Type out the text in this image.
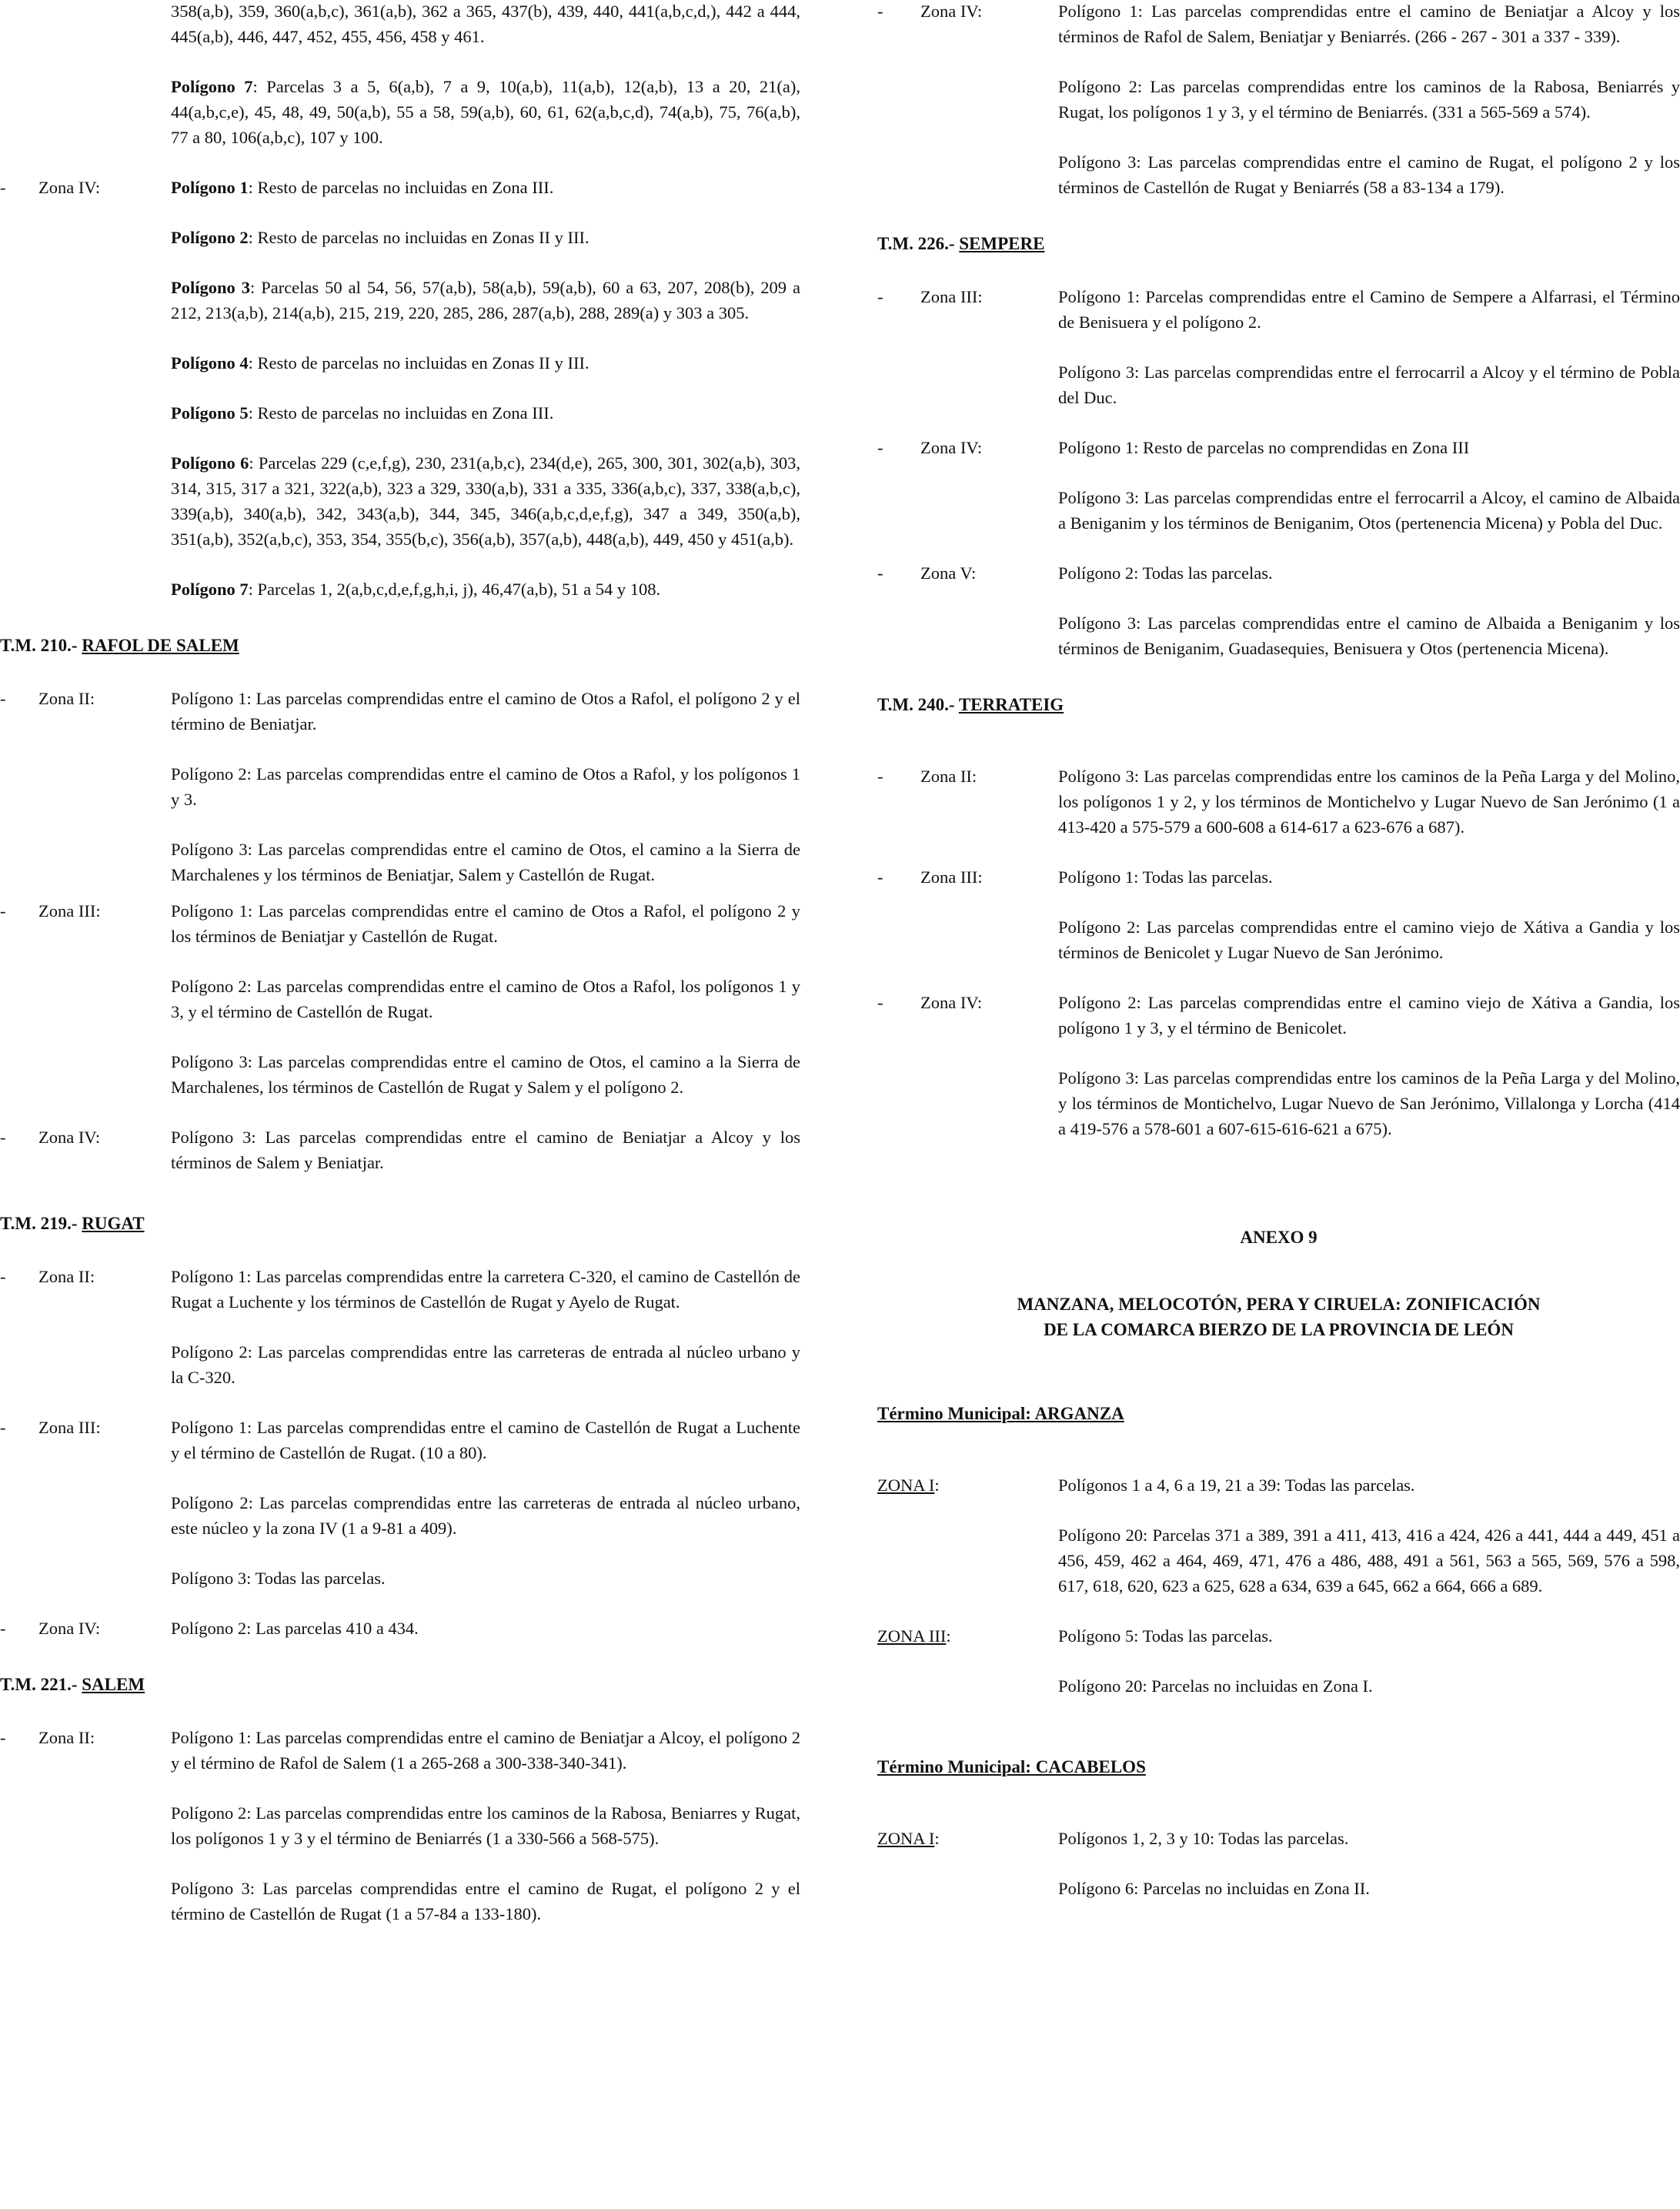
358(a,b), 359, 360(a,b,c), 361(a,b), 362 a 365, 437(b), 439, 440, 441(a,b,c,d,), 442 a 444, 445(a,b), 446, 447, 452, 455, 456, 458 y 461.
Polígono 7: Parcelas 3 a 5, 6(a,b), 7 a 9, 10(a,b), 11(a,b), 12(a,b), 13 a 20, 21(a), 44(a,b,c,e), 45, 48, 49, 50(a,b), 55 a 58, 59(a,b), 60, 61, 62(a,b,c,d), 74(a,b), 75, 76(a,b), 77 a 80, 106(a,b,c), 107 y 100.
- Zona IV:	Polígono 1: Resto de parcelas no incluidas en Zona III.
Polígono 2: Resto de parcelas no incluidas en Zonas II y III.
Polígono 3: Parcelas 50 al 54, 56, 57(a,b), 58(a,b), 59(a,b), 60 a 63, 207, 208(b), 209 a 212, 213(a,b), 214(a,b), 215, 219, 220, 285, 286, 287(a,b), 288, 289(a) y 303 a 305.
Polígono 4: Resto de parcelas no incluidas en Zonas II y III.
Polígono 5: Resto de parcelas no incluidas en Zona III.
Polígono 6: Parcelas 229 (c,e,f,g), 230, 231(a,b,c), 234(d,e), 265, 300, 301, 302(a,b), 303, 314, 315, 317 a 321, 322(a,b), 323 a 329, 330(a,b), 331 a 335, 336(a,b,c), 337, 338(a,b,c), 339(a,b), 340(a,b), 342, 343(a,b), 344, 345, 346(a,b,c,d,e,f,g), 347 a 349, 350(a,b), 351(a,b), 352(a,b,c), 353, 354, 355(b,c), 356(a,b), 357(a,b), 448(a,b), 449, 450 y 451(a,b).
Polígono 7: Parcelas 1, 2(a,b,c,d,e,f,g,h,i, j), 46,47(a,b), 51 a 54 y 108.
T.M. 210.- RAFOL DE SALEM
- Zona II:	Polígono 1: Las parcelas comprendidas entre el camino de Otos a Rafol, el polígono 2 y el término de Beniatjar.
Polígono 2: Las parcelas comprendidas entre el camino de Otos a Rafol, y los polígonos 1 y 3.
Polígono 3: Las parcelas comprendidas entre el camino de Otos, el camino a la Sierra de Marchalenes y los términos de Beniatjar, Salem y Castellón de Rugat.
- Zona III:	Polígono 1: Las parcelas comprendidas entre el camino de Otos a Rafol, el polígono 2 y los términos de Beniatjar y Castellón de Rugat.
Polígono 2: Las parcelas comprendidas entre el camino de Otos a Rafol, los polígonos 1 y 3, y el término de Castellón de Rugat.
Polígono 3: Las parcelas comprendidas entre el camino de Otos, el camino a la Sierra de Marchalenes, los términos de Castellón de Rugat y Salem y el polígono 2.
- Zona IV:	Polígono 3: Las parcelas comprendidas entre el camino de Beniatjar a Alcoy y los términos de Salem y Beniatjar.
T.M. 219.- RUGAT
- Zona II:	Polígono 1: Las parcelas comprendidas entre la carretera C-320, el camino de Castellón de Rugat a Luchente y los términos de Castellón de Rugat y Ayelo de Rugat.
Polígono 2: Las parcelas comprendidas entre las carreteras de entrada al núcleo urbano y la C-320.
- Zona III:	Polígono 1: Las parcelas comprendidas entre el camino de Castellón de Rugat a Luchente y el término de Castellón de Rugat. (10 a 80).
Polígono 2: Las parcelas comprendidas entre las carreteras de entrada al núcleo urbano, este núcleo y la zona IV (1 a 9-81 a 409).
Polígono 3: Todas las parcelas.
- Zona IV:	Polígono 2: Las parcelas 410 a 434.
T.M. 221.- SALEM
- Zona II:	Polígono 1: Las parcelas comprendidas entre el camino de Beniatjar a Alcoy, el polígono 2 y el término de Rafol de Salem (1 a 265-268 a 300-338-340-341).
Polígono 2: Las parcelas comprendidas entre los caminos de la Rabosa, Beniarres y Rugat, los polígonos 1 y 3 y el término de Beniarrés (1 a 330-566 a 568-575).
Polígono 3: Las parcelas comprendidas entre el camino de Rugat, el polígono 2 y el término de Castellón de Rugat (1 a 57-84 a 133-180).
- Zona IV:	Polígono 1: Las parcelas comprendidas entre el camino de Beniatjar a Alcoy y los términos de Rafol de Salem, Beniatjar y Beniarrés. (266 - 267 - 301 a 337 - 339).
Polígono 2: Las parcelas comprendidas entre los caminos de la Rabosa, Beniarrés y Rugat, los polígonos 1 y 3, y el término de Beniarrés. (331 a 565-569 a 574).
Polígono 3: Las parcelas comprendidas entre el camino de Rugat, el polígono 2 y los términos de Castellón de Rugat y Beniarrés (58 a 83-134 a 179).
T.M. 226.- SEMPERE
- Zona III:	Polígono 1: Parcelas comprendidas entre el Camino de Sempere a Alfarrasi, el Término de Benisuera y el polígono 2.
Polígono 3: Las parcelas comprendidas entre el ferrocarril a Alcoy y el término de Pobla del Duc.
- Zona IV:	Polígono 1: Resto de parcelas no comprendidas en Zona III
Polígono 3: Las parcelas comprendidas entre el ferrocarril a Alcoy, el camino de Albaida a Beniganim y los términos de Beniganim, Otos (pertenencia Micena) y Pobla del Duc.
- Zona V:	Polígono 2: Todas las parcelas.
Polígono 3: Las parcelas comprendidas entre el camino de Albaida a Beniganim y los términos de Beniganim, Guadasequies, Benisuera y Otos (pertenencia Micena).
T.M. 240.- TERRATEIG
- Zona II:	Polígono 3: Las parcelas comprendidas entre los caminos de la Peña Larga y del Molino, los polígonos 1 y 2, y los términos de Montichelvo y Lugar Nuevo de San Jerónimo (1 a 413-420 a 575-579 a 600-608 a 614-617 a 623-676 a 687).
- Zona III:	Polígono 1: Todas las parcelas.
Polígono 2: Las parcelas comprendidas entre el camino viejo de Xátiva a Gandia y los términos de Benicolet y Lugar Nuevo de San Jerónimo.
- Zona IV:	Polígono 2: Las parcelas comprendidas entre el camino viejo de Xátiva a Gandia, los polígono 1 y 3, y el término de Benicolet.
Polígono 3: Las parcelas comprendidas entre los caminos de la Peña Larga y del Molino, y los términos de Montichelvo, Lugar Nuevo de San Jerónimo, Villalonga y Lorcha (414 a 419-576 a 578-601 a 607-615-616-621 a 675).
ANEXO 9
MANZANA, MELOCOTÓN, PERA Y CIRUELA: ZONIFICACIÓN
DE LA COMARCA BIERZO DE LA PROVINCIA DE LEÓN
Término Municipal: ARGANZA
ZONA I:	Polígonos 1 a 4, 6 a 19, 21 a 39: Todas las parcelas.
Polígono 20: Parcelas 371 a 389, 391 a 411, 413, 416 a 424, 426 a 441, 444 a 449, 451 a 456, 459, 462 a 464, 469, 471, 476 a 486, 488, 491 a 561, 563 a 565, 569, 576 a 598, 617, 618, 620, 623 a 625, 628 a 634, 639 a 645, 662 a 664, 666 a 689.
ZONA III:	Polígono 5: Todas las parcelas.
Polígono 20: Parcelas no incluidas en Zona I.
Término Municipal: CACABELOS
ZONA I:	Polígonos 1, 2, 3 y 10: Todas las parcelas.
Polígono 6: Parcelas no incluidas en Zona II.
